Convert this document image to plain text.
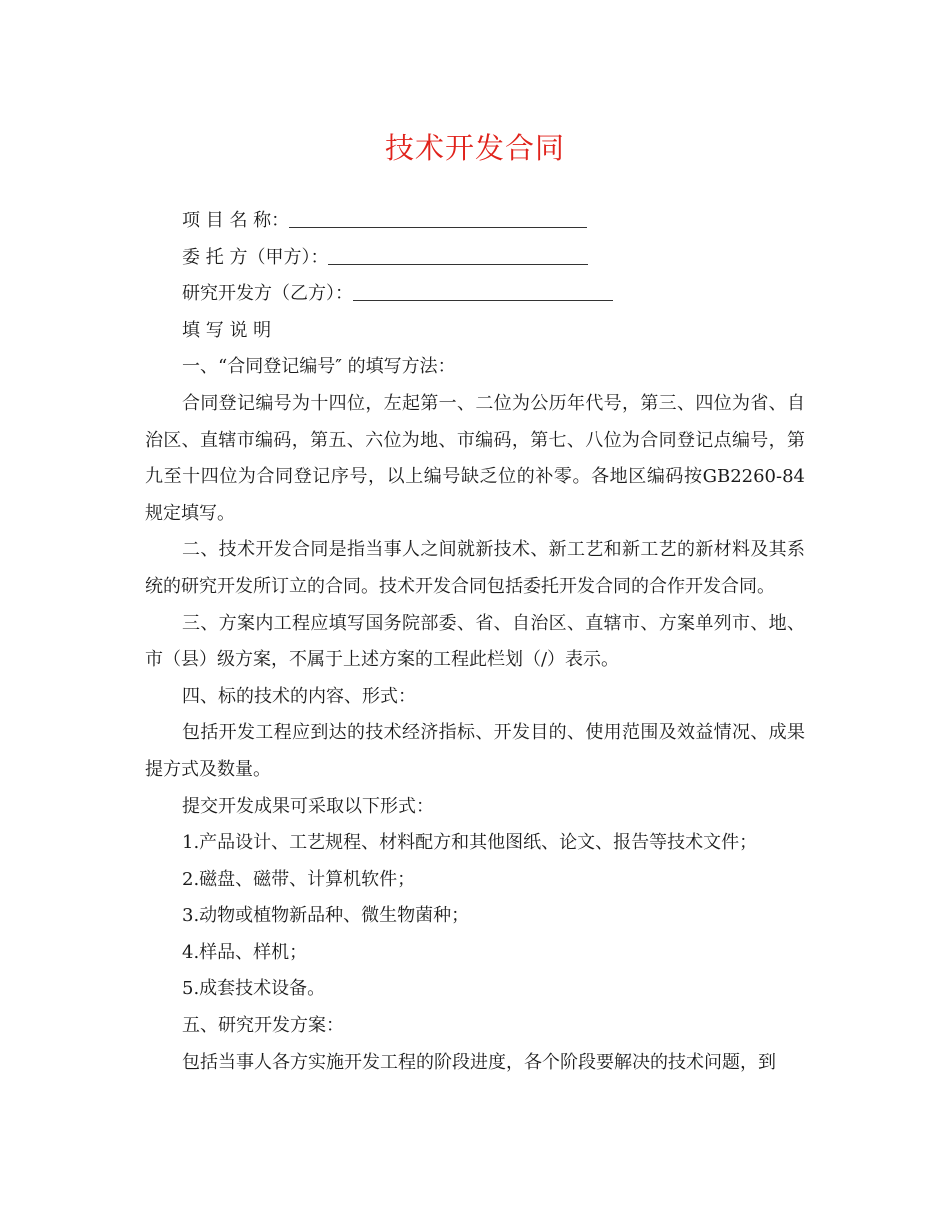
技术开发合同

项 目 名 称：

委 托 方（甲方）：

研究开发方（乙方）：

填 写 说 明

一、“合同登记编号″ 的填写方法：

合同登记编号为十四位，左起第一、二位为公历年代号，第三、四位为省、自治区、直辖市编码，第五、六位为地、市编码，第七、八位为合同登记点编号，第九至十四位为合同登记序号，以上编号缺乏位的补零。各地区编码按GB2260-84规定填写。

二、技术开发合同是指当事人之间就新技术、新工艺和新工艺的新材料及其系统的研究开发所订立的合同。技术开发合同包括委托开发合同的合作开发合同。

三、方案内工程应填写国务院部委、省、自治区、直辖市、方案单列市、地、市（县）级方案，不属于上述方案的工程此栏划（/）表示。

四、标的技术的内容、形式：

包括开发工程应到达的技术经济指标、开发目的、使用范围及效益情况、成果提方式及数量。

提交开发成果可采取以下形式：

1.产品设计、工艺规程、材料配方和其他图纸、论文、报告等技术文件；

2.磁盘、磁带、计算机软件；

3.动物或植物新品种、微生物菌种；

4.样品、样机；

5.成套技术设备。

五、研究开发方案：

包括当事人各方实施开发工程的阶段进度，各个阶段要解决的技术问题，到
